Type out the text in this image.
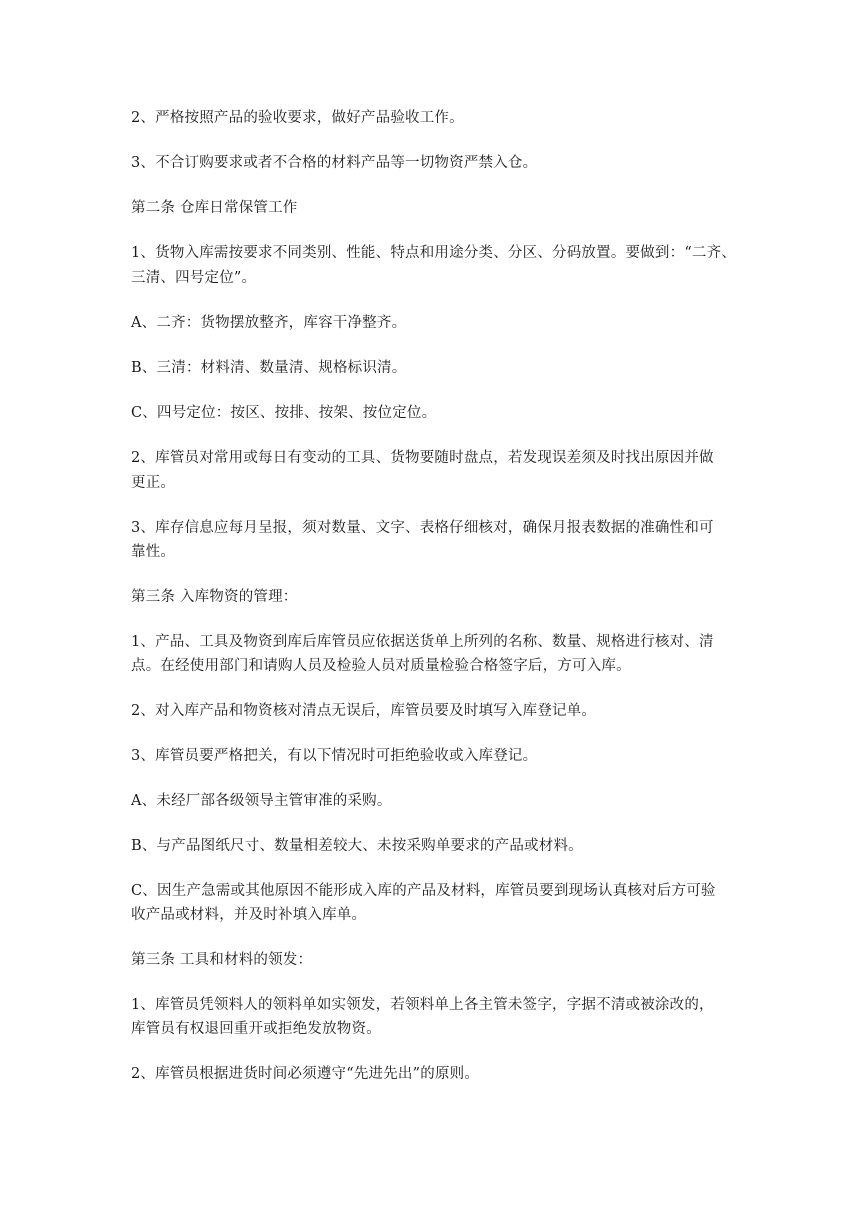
2、严格按照产品的验收要求，做好产品验收工作。
3、不合订购要求或者不合格的材料产品等一切物资严禁入仓。
第二条 仓库日常保管工作
1、货物入库需按要求不同类别、性能、特点和用途分类、分区、分码放置。要做到：“二齐、
三清、四号定位”。
A、二齐：货物摆放整齐，库容干净整齐。
B、三清：材料清、数量清、规格标识清。
C、四号定位：按区、按排、按架、按位定位。
2、库管员对常用或每日有变动的工具、货物要随时盘点，若发现误差须及时找出原因并做
更正。
3、库存信息应每月呈报，须对数量、文字、表格仔细核对，确保月报表数据的准确性和可
靠性。
第三条 入库物资的管理：
1、产品、工具及物资到库后库管员应依据送货单上所列的名称、数量、规格进行核对、清
点。在经使用部门和请购人员及检验人员对质量检验合格签字后，方可入库。
2、对入库产品和物资核对清点无误后，库管员要及时填写入库登记单。
3、库管员要严格把关，有以下情况时可拒绝验收或入库登记。
A、未经厂部各级领导主管审准的采购。
B、与产品图纸尺寸、数量相差较大、未按采购单要求的产品或材料。
C、因生产急需或其他原因不能形成入库的产品及材料，库管员要到现场认真核对后方可验
收产品或材料，并及时补填入库单。
第三条 工具和材料的领发：
1、库管员凭领料人的领料单如实领发，若领料单上各主管未签字，字据不清或被涂改的，
库管员有权退回重开或拒绝发放物资。
2、库管员根据进货时间必须遵守“先进先出”的原则。
